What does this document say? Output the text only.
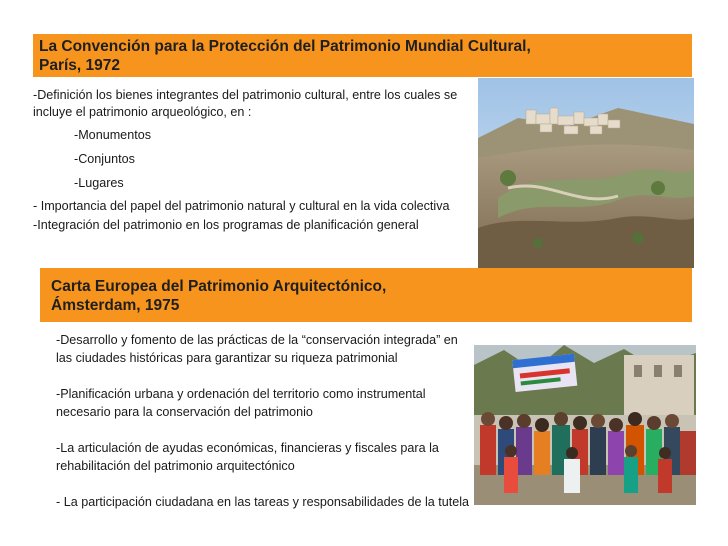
La Convención para la Protección del Patrimonio Mundial Cultural,
París, 1972

-Definición los bienes integrantes del patrimonio cultural, entre los cuales se incluye el patrimonio arqueológico, en :

-Monumentos

-Conjuntos

-Lugares

- Importancia del papel del patrimonio natural y cultural en la vida colectiva

-Integración del patrimonio en los programas de planificación general

Carta Europea del Patrimonio Arquitectónico,
Ámsterdam, 1975

-Desarrollo y fomento de las prácticas de la “conservación integrada” en las ciudades históricas para garantizar su riqueza patrimonial

-Planificación urbana y ordenación del territorio como instrumental necesario para la conservación del patrimonio

-La articulación de ayudas económicas, financieras y fiscales para la rehabilitación del patrimonio arquitectónico

- La participación ciudadana en las tareas y responsabilidades de la tutela
